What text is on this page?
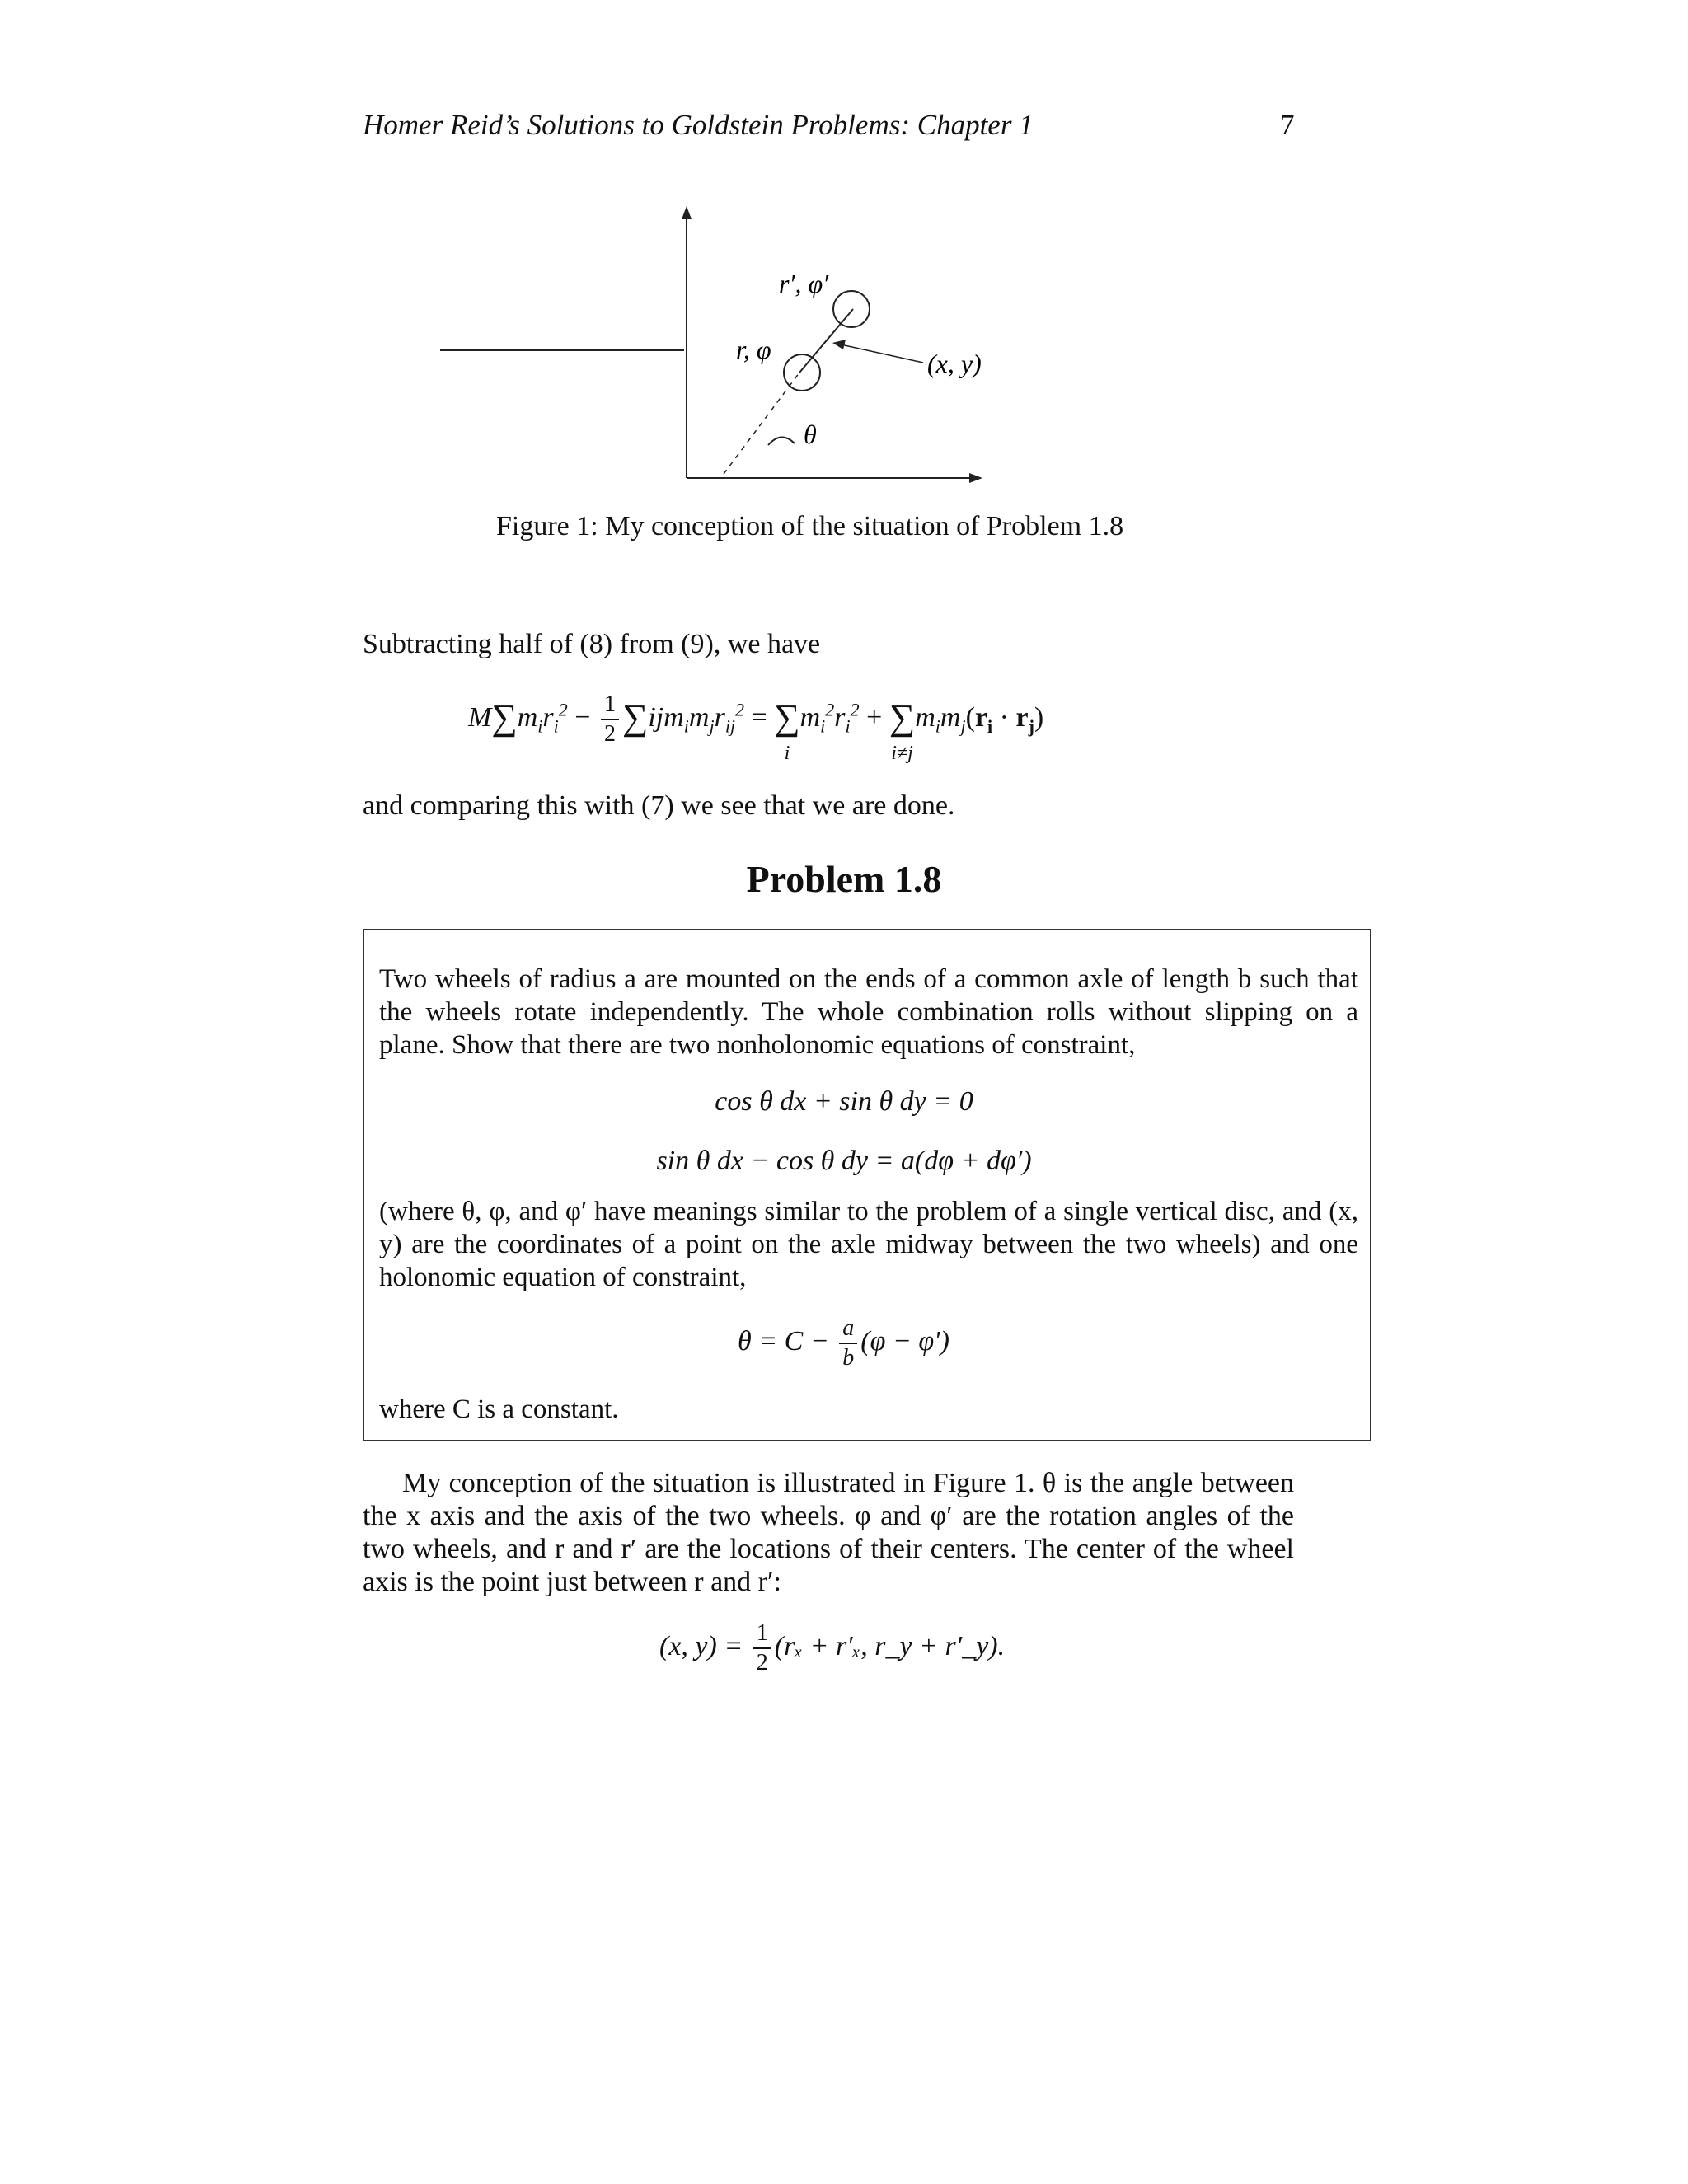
Homer Reid’s Solutions to Goldstein Problems: Chapter 1	7
r′, φ′
r, φ	(x, y)
θ
Figure 1: My conception of the situation of Problem 1.8
Subtracting half of (8) from (9), we have
$M\sum m_ir_i^2 - \frac{1}{2} \sum ijm_im_jr_{ij}^2$ = ∑
i
$m_i^2r_i^2$ + ∑
i≠j
$m_im_j(r_i \cdot r_j)$
and comparing this with (7) we see that we are done.
Problem 1.8
Two wheels of radius a are mounted on the ends of a common axle of length b such that the wheels rotate independently. The whole combination rolls without slipping on a plane. Show that there are two nonholonomic equations of constraint,
cos θ dx + sin θ dy = 0
sin θ dx − cos θ dy = a(dφ + dφ′)
(where θ, φ, and φ′ have meanings similar to the problem of a single vertical disc, and (x, y) are the coordinates of a point on the axle midway between the two wheels) and one holonomic equation of constraint,
$\theta = C - \frac{a}{b} (\varphi - \varphi')$
where C is a constant.
My conception of the situation is illustrated in Figure 1. θ is the angle between the x axis and the axis of the two wheels. φ and φ′ are the rotation angles of the two wheels, and r and r′ are the locations of their centers. The center of the wheel axis is the point just between r and r′:
(x, $y) = \frac{1}{2} (r_x + r'_x$, r_y + r′_y).
